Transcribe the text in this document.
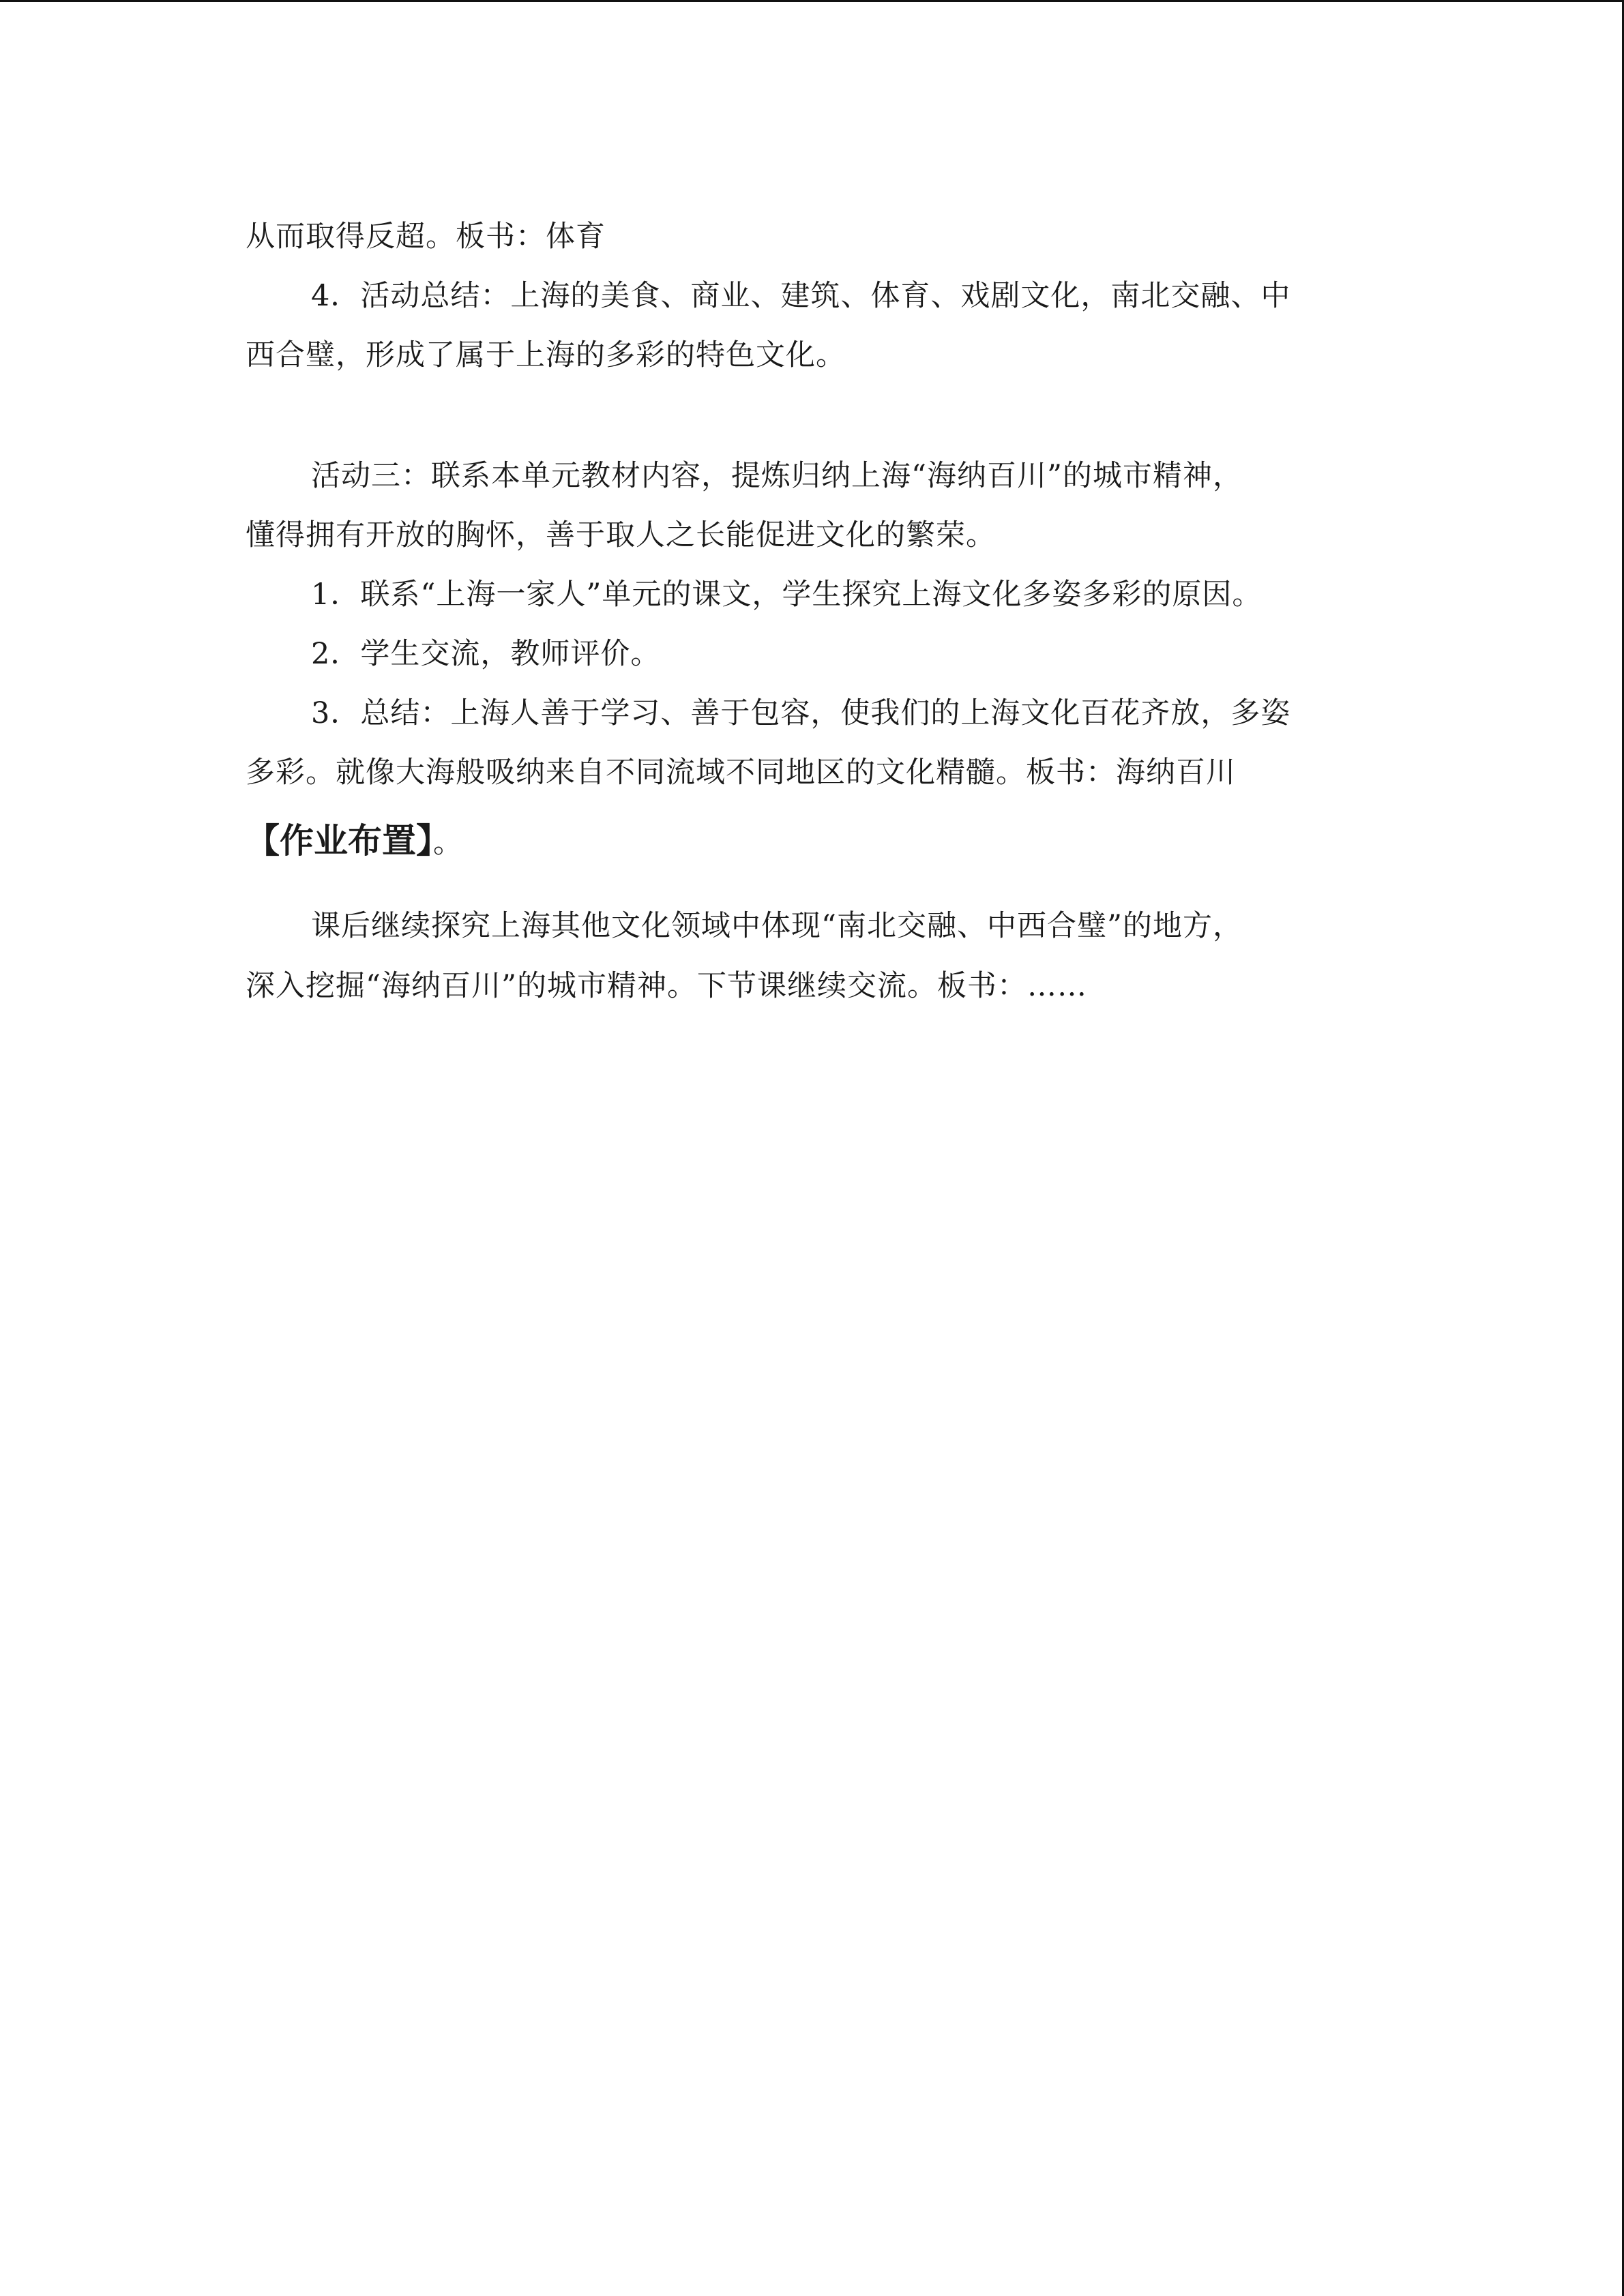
从而取得反超。板书：体育
4．活动总结：上海的美食、商业、建筑、体育、戏剧文化，南北交融、中
西合璧，形成了属于上海的多彩的特色文化。
活动三：联系本单元教材内容，提炼归纳上海“海纳百川”的城市精神，
懂得拥有开放的胸怀，善于取人之长能促进文化的繁荣。
1．联系“上海一家人”单元的课文，学生探究上海文化多姿多彩的原因。
2．学生交流，教师评价。
3．总结：上海人善于学习、善于包容，使我们的上海文化百花齐放，多姿
多彩。就像大海般吸纳来自不同流域不同地区的文化精髓。板书：海纳百川
【作业布置】。
课后继续探究上海其他文化领域中体现“南北交融、中西合璧”的地方，
深入挖掘“海纳百川”的城市精神。下节课继续交流。板书：……
